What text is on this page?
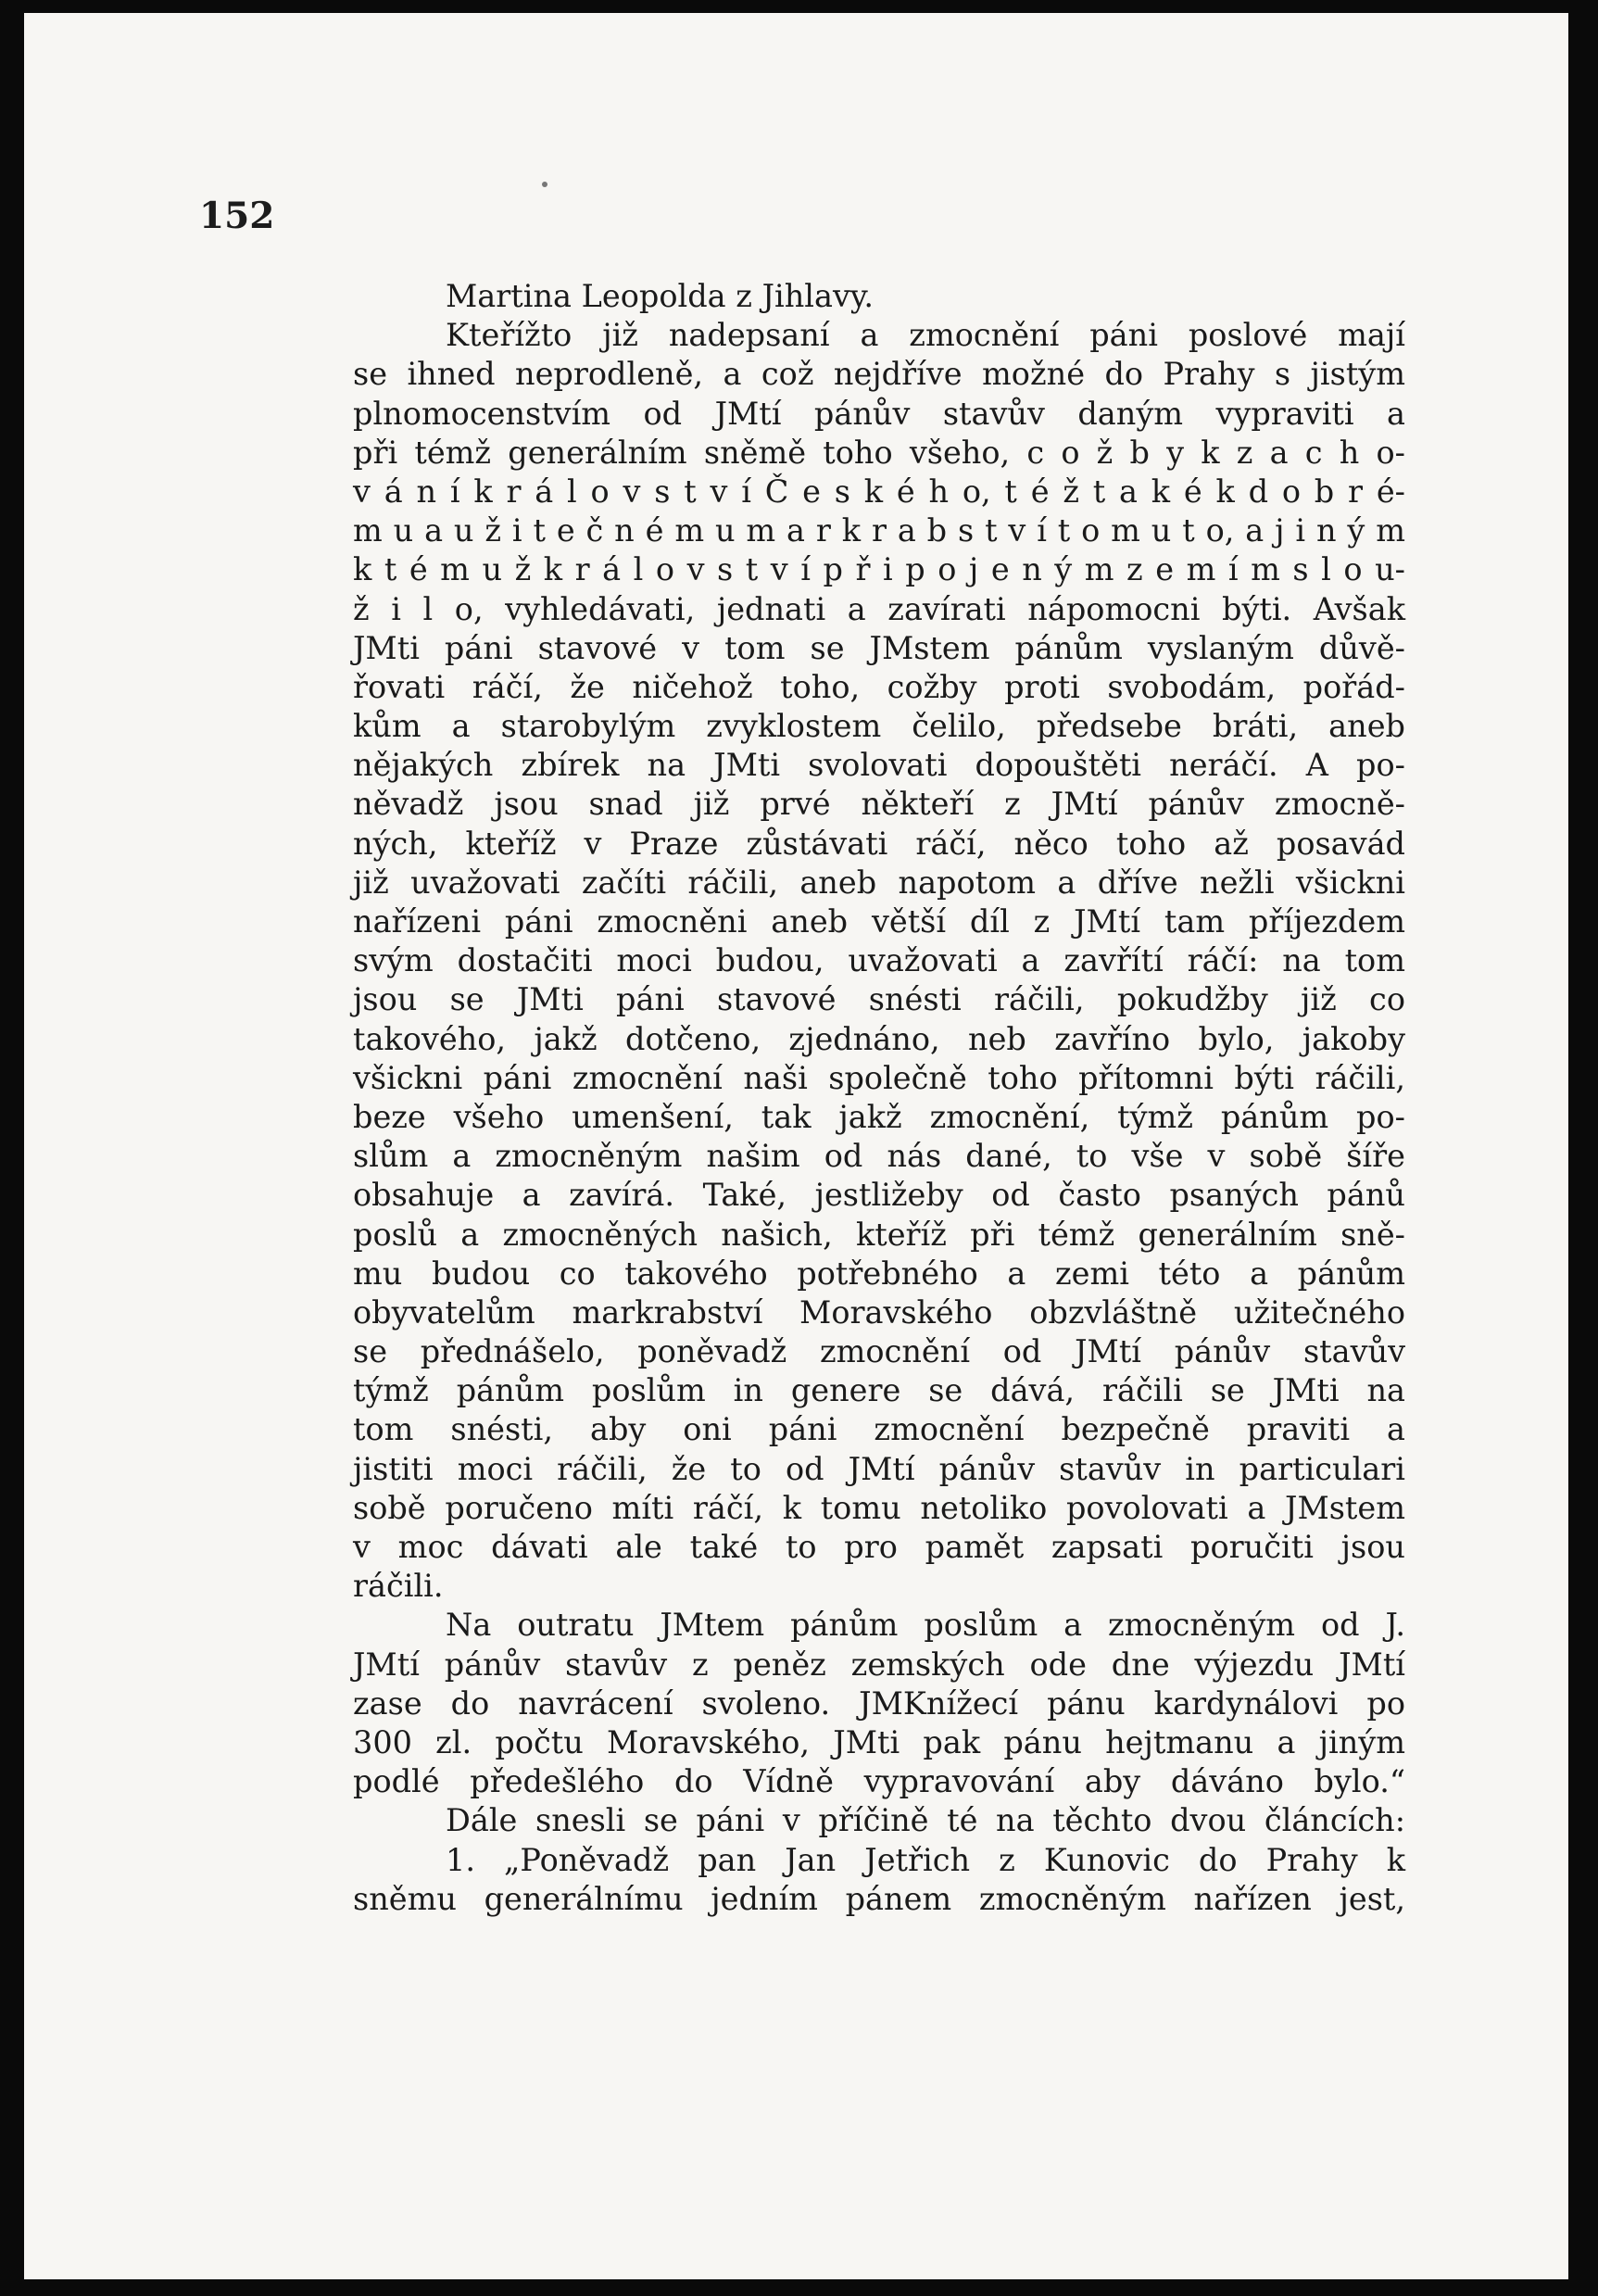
152

Martina Leopolda z Jihlavy.
Kteřížto již nadepsaní a zmocnění páni poslové mají
se ihned neprodleně, a což nejdříve možné do Prahy s jistým
plnomocenstvím od JMtí pánův stavův daným vypraviti a
při témž generálním sněmě toho všeho, c o ž b y k z a c h o-
v á n í k r á l o v s t v í Č e s k é h o, t é ž t a k é k d o b r é-
m u a u ž i t e č n é m u m a r k r a b s t v í t o m u t o, a j i n ý m
k t é m u ž k r á l o v s t v í p ř i p o j e n ý m z e m í m s l o u-
ž i l o, vyhledávati, jednati a zavírati nápomocni býti. Avšak
JMti páni stavové v tom se JMstem pánům vyslaným důvě-
řovati ráčí, že ničehož toho, cožby proti svobodám, pořád-
kům a starobylým zvyklostem čelilo, předsebe bráti, aneb
nějakých zbírek na JMti svolovati dopouštěti neráčí. A po-
něvadž jsou snad již prvé někteří z JMtí pánův zmocně-
ných, kteříž v Praze zůstávati ráčí, něco toho až posavád
již uvažovati začíti ráčili, aneb napotom a dříve nežli všickni
nařízeni páni zmocněni aneb větší díl z JMtí tam příjezdem
svým dostačiti moci budou, uvažovati a zavřítí ráčí: na tom
jsou se JMti páni stavové snésti ráčili, pokudžby již co
takového, jakž dotčeno, zjednáno, neb zavříno bylo, jakoby
všickni páni zmocnění naši společně toho přítomni býti ráčili,
beze všeho umenšení, tak jakž zmocnění, týmž pánům po-
slům a zmocněným našim od nás dané, to vše v sobě šíře
obsahuje a zavírá. Také, jestližeby od často psaných pánů
poslů a zmocněných našich, kteříž při témž generálním sně-
mu budou co takového potřebného a zemi této a pánům
obyvatelům markrabství Moravského obzvláštně užitečného
se přednášelo, poněvadž zmocnění od JMtí pánův stavův
týmž pánům poslům in genere se dává, ráčili se JMti na
tom snésti, aby oni páni zmocnění bezpečně praviti a
jistiti moci ráčili, že to od JMtí pánův stavův in particulari
sobě poručeno míti ráčí, k tomu netoliko povolovati a JMstem
v moc dávati ale také to pro pamět zapsati poručiti jsou
ráčili.
Na outratu JMtem pánům poslům a zmocněným od J.
JMtí pánův stavův z peněz zemských ode dne výjezdu JMtí
zase do navrácení svoleno. JMKnížecí pánu kardynálovi po
300 zl. počtu Moravského, JMti pak pánu hejtmanu a jiným
podlé předešlého do Vídně vypravování aby dáváno bylo.“
Dále snesli se páni v příčině té na těchto dvou článcích:
1. „Poněvadž pan Jan Jetřich z Kunovic do Prahy k
sněmu generálnímu jedním pánem zmocněným nařízen jest,
